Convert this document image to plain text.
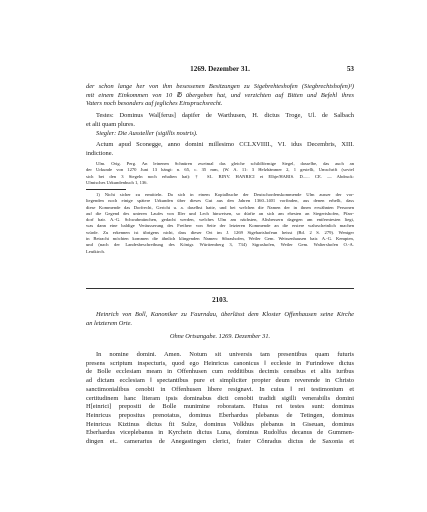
1269. Dezember 31.	53
der schon lange her von ihm besessenen Besitzungen zu Sigebrehteshofen (Siegbrechtshofen)¹)
mit einem Einkommen von 10 ℔ übergeben hat, und verzichten auf Bitten und Befehl ihres
Vaters noch besonders auf jegliches Einspruchsrecht.
Testes: Dominus Wal[ferus] dapifer de Warthusen, H. dictus Troge, Ul. de Salbach
et alii quam plures.
Siegler: Die Aussteller (sigillis nostris).
Actum apud Sconegge, anno domini millesimo CCLXVIIII., VI. idus Decembris, XIII.
indictione.
Ulm. Orig. Perg. An leinenen Schnüren zweimal das gleiche schildförmige Siegel, dasselbe, das auch an
der Urkunde von 1270 Juni 13 hängt: n. 65, c. 35 mm, (W. A. 11: 3 Helzhämmer 2, 1 gestellt, Umschrift (soviel
sich bei den 3 Siegeln noch erhalten hat): † SI.. BINV. HANRICI et Elhje/HARIS. D...... CE. — Abdruck:
Ulmisches Urkundenbuch 1, 136.
1) Nicht sicher zu ermitteln. Da sich in einem Kopialbuche der Deutschordenskommende Ulm ausser der vor-
liegenden noch einige spätere Urkunden über dieses Gut aus den Jahren 1360–1401 vorfinden, aus denen erhellt, dass
diese Kommende das Dorfrecht, Gericht u. a. daselbst hatte, und bei welchen die Namen der in ihnen erwähnten Personen
auf die Gegend des unteren Laufes von Iller und Lech hinweisen, so dürfte an sich am ehesten an Siegertshofen, Pfarr-
dorf bair. A.-G. Schwabmünchen, gedacht werden, welches Ulm am nächsten, Altsbessern dagegen am entferntesten liegt,
was dann eine baldige Veräusserung des Freiherr von Seite der letzteren Kommende an die erstere wahrscheinlich machen
würde. Zu erkennen ist übrigens nicht, dass dieser Ort im J. 1269 Sigehartshofeun heisst (Bd. 2 S. 279). Weniger
in Betracht möchten kommen die ähnlich klingenden Namen: Sibrashofen, Weiler Gem. Weissenhausen bair. A.-G. Kempten,
und (nach der Landesbeschreibung des Königr. Württemberg 3, 734) Sigrashofen, Weiler Gem. Waltershofen O.-A.
Leutkirch.
2103.
Heinrich von Boll, Kanoniker zu Faurndau, überlässt dem Kloster Offenhausen seine Kirche
an letzterem Orte.
Ohne Ortsangabe. 1269. Dezember 31.
In nomine domini. Amen. Notum sit universis tam presentibus quam futuris
presens scriptum inspecturis, quod ego Heinricus canonicus ‖ ecclesie in Furindowe dictus
de Bolle ecclesiam meam in Offenhusen cum redditibus decimis censibus et aliis iuribus
ad dictam ecclesiam ‖ spectantibus pure et simpliciter propter deum reverende in Christo
sanctimonialibus cenobii in Offenhusen libere resignavi. In cuius ‖ rei testimonium et
certitudinem hanc literam ipsis dominabus dicti cenobii tradidi sigilli venerabilis domini
H[einrici] prepositi de Bolle munimine roboratam. Huius rei testes sunt: dominus
Heinricus prepositus prenotatus, dominus Eberhardus plebanus de Tetingen, dominus
Heinricus Kiztinus dictus fit Sulze, dominus Volkhus plebanus in Giseuan, dominus
Eberhardus viceplebanus in Kyrchein dictus Luna, dominus Rudolfus decanus de Gummen-
dingen et.. camerarius de Anegastingen clerici, frater Cŏnradus dictus de Saxonia et
